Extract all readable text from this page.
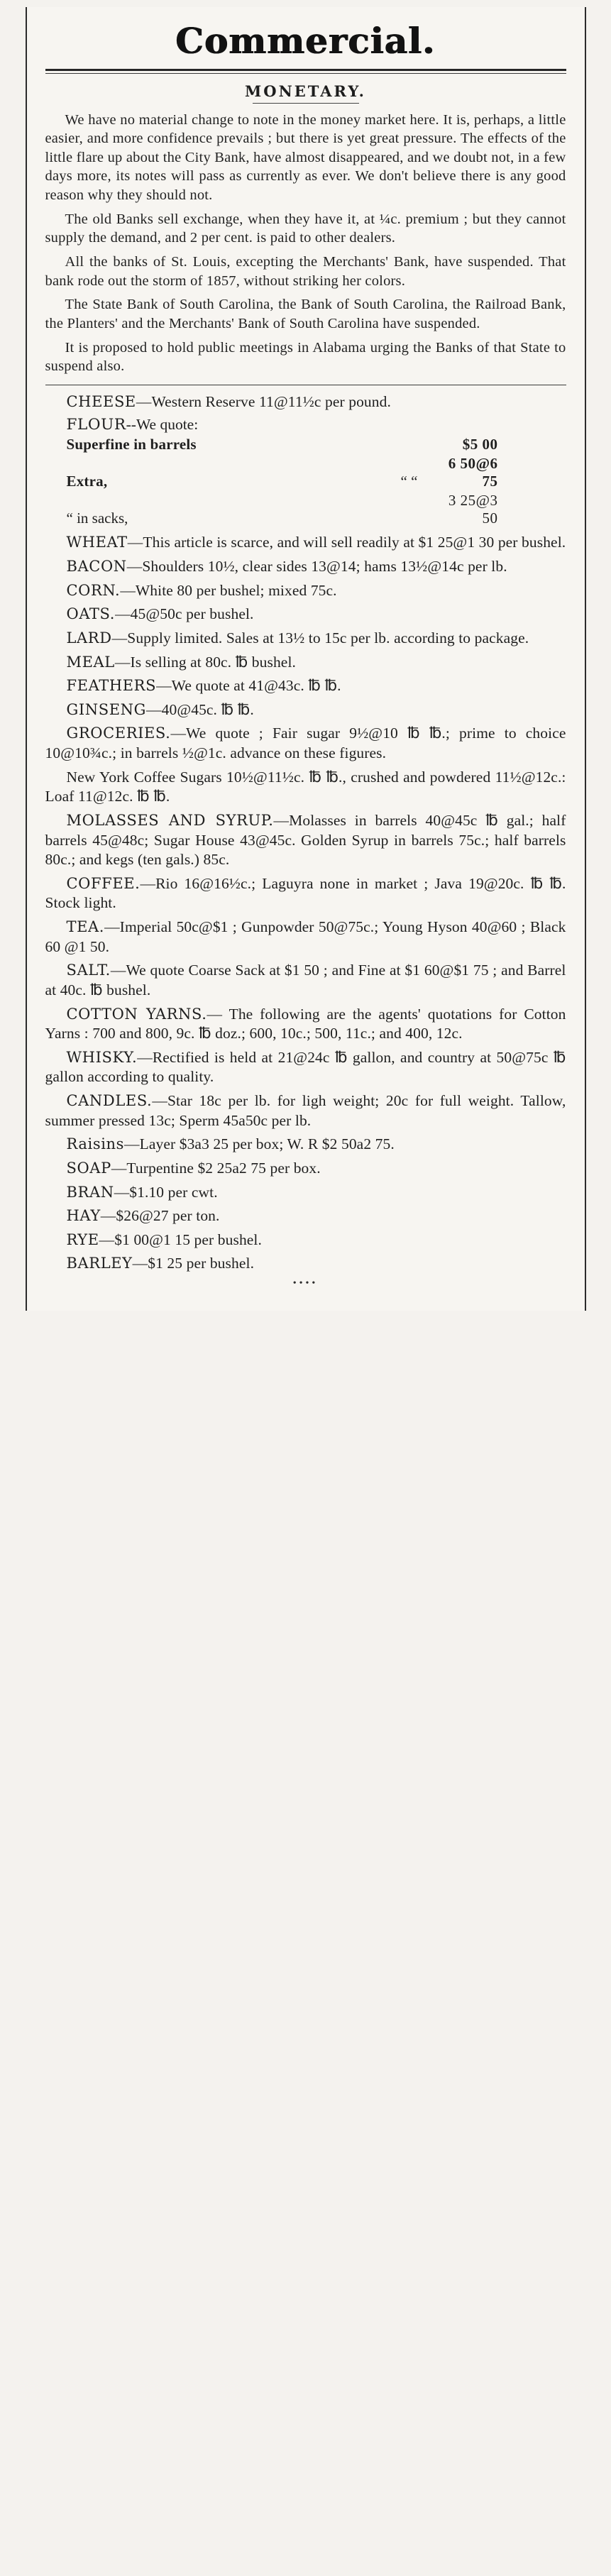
Commercial.
MONETARY.

We have no material change to note in the money market here. It is, perhaps, a little easier, and more confidence prevails ; but there is yet great pressure. The effects of the little flare up about the City Bank, have almost disappeared, and we doubt not, in a few days more, its notes will pass as currently as ever. We don't believe there is any good reason why they should not.

The old Banks sell exchange, when they have it, at ¼c. premium ; but they cannot supply the demand, and 2 per cent. is paid to other dealers.

All the banks of St. Louis, excepting the Merchants' Bank, have suspended. That bank rode out the storm of 1857, without striking her colors.

The State Bank of South Carolina, the Bank of South Carolina, the Railroad Bank, the Planters' and the Merchants' Bank of South Carolina have suspended.

It is proposed to hold public meetings in Alabama urging the Banks of that State to suspend also.

CHEESE—Western Reserve 11@11½c per pound.

FLOUR--We quote:

Superfine in barrels		$5 00
Extra,	“ “	6 50@6 75
“ in sacks,		3 25@3 50

WHEAT—This article is scarce, and will sell readily at $1 25@1 30 per bushel.

BACON—Shoulders 10½, clear sides 13@14; hams 13½@14c per lb.

CORN.—White 80 per bushel; mixed 75c.

OATS.—45@50c per bushel.

LARD—Supply limited. Sales at 13½ to 15c per lb. according to package.

MEAL—Is selling at 80c. ℔ bushel.

FEATHERS—We quote at 41@43c. ℔ ℔.

GINSENG—40@45c. ℔ ℔.

GROCERIES.—We quote ; Fair sugar 9½@10 ℔ ℔.; prime to choice 10@10¾c.; in barrels ½@1c. advance on these figures.

New York Coffee Sugars 10½@11½c. ℔ ℔., crushed and powdered 11½@12c.: Loaf 11@12c. ℔ ℔.

MOLASSES AND SYRUP.—Molasses in barrels 40@45c ℔ gal.; half barrels 45@48c; Sugar House 43@45c. Golden Syrup in barrels 75c.; half barrels 80c.; and kegs (ten gals.) 85c.

COFFEE.—Rio 16@16½c.; Laguyra none in market ; Java 19@20c. ℔ ℔. Stock light.

TEA.—Imperial 50c@$1 ; Gunpowder 50@75c.; Young Hyson 40@60 ; Black 60 @1 50.

SALT.—We quote Coarse Sack at $1 50 ; and Fine at $1 60@$1 75 ; and Barrel at 40c. ℔ bushel.

COTTON YARNS.— The following are the agents' quotations for Cotton Yarns : 700 and 800, 9c. ℔ doz.; 600, 10c.; 500, 11c.; and 400, 12c.

WHISKY.—Rectified is held at 21@24c ℔ gallon, and country at 50@75c ℔ gallon according to quality.

CANDLES.—Star 18c per lb. for ligh weight; 20c for full weight. Tallow, summer pressed 13c; Sperm 45a50c per lb.

Raisins—Layer $3a3 25 per box; W. R $2 50a2 75.

SOAP—Turpentine $2 25a2 75 per box.

BRAN—$1.10 per cwt.

HAY—$26@27 per ton.

RYE—$1 00@1 15 per bushel.

BARLEY—$1 25 per bushel.

••••
